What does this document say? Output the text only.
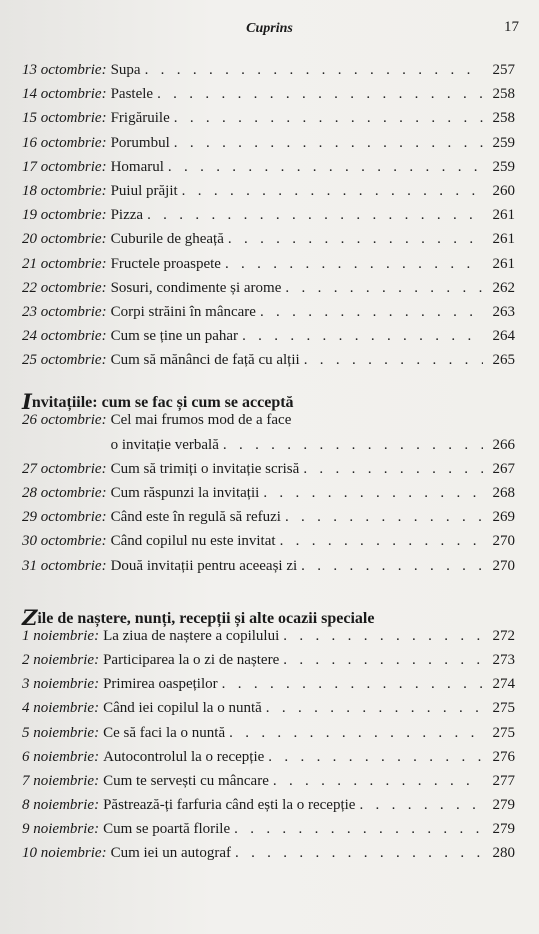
Cuprins	17
13 octombrie: Supa . . .	257
14 octombrie: Pastele . . .	258
15 octombrie: Frigăruile . . .	258
16 octombrie: Porumbul . . .	259
17 octombrie: Homarul . . .	259
18 octombrie: Puiul prăjit . . .	260
19 octombrie: Pizza . . .	261
20 octombrie: Cuburile de gheață . . .	261
21 octombrie: Fructele proaspete . . .	261
22 octombrie: Sosuri, condimente și arome . . .	262
23 octombrie: Corpi străini în mâncare . . .	263
24 octombrie: Cum se ține un pahar . . .	264
25 octombrie: Cum să mănânci de față cu alții . . .	265
I nvitațiile: cum se fac și cum se acceptă
26 octombrie: Cel mai frumos mod de a face
o invitație verbală . . .	266
27 octombrie: Cum să trimiți o invitație scrisă . . .	267
28 octombrie: Cum răspunzi la invitații . . .	268
29 octombrie: Când este în regulă să refuzi . . .	269
30 octombrie: Când copilul nu este invitat . . .	270
31 octombrie: Două invitații pentru aceeași zi . . .	270
Z ile de naștere, nunți, recepții și alte ocazii speciale
1 noiembrie: La ziua de naștere a copilului . . .	272
2 noiembrie: Participarea la o zi de naștere . . .	273
3 noiembrie: Primirea oaspeților . . .	274
4 noiembrie: Când iei copilul la o nuntă . . .	275
5 noiembrie: Ce să faci la o nuntă . . .	275
6 noiembrie: Autocontrolul la o recepție . . .	276
7 noiembrie: Cum te servești cu mâncare . . .	277
8 noiembrie: Păstrează-ți farfuria când ești la o recepție . . .	279
9 noiembrie: Cum se poartă florile . . .	279
10 noiembrie: Cum iei un autograf . . .	280
